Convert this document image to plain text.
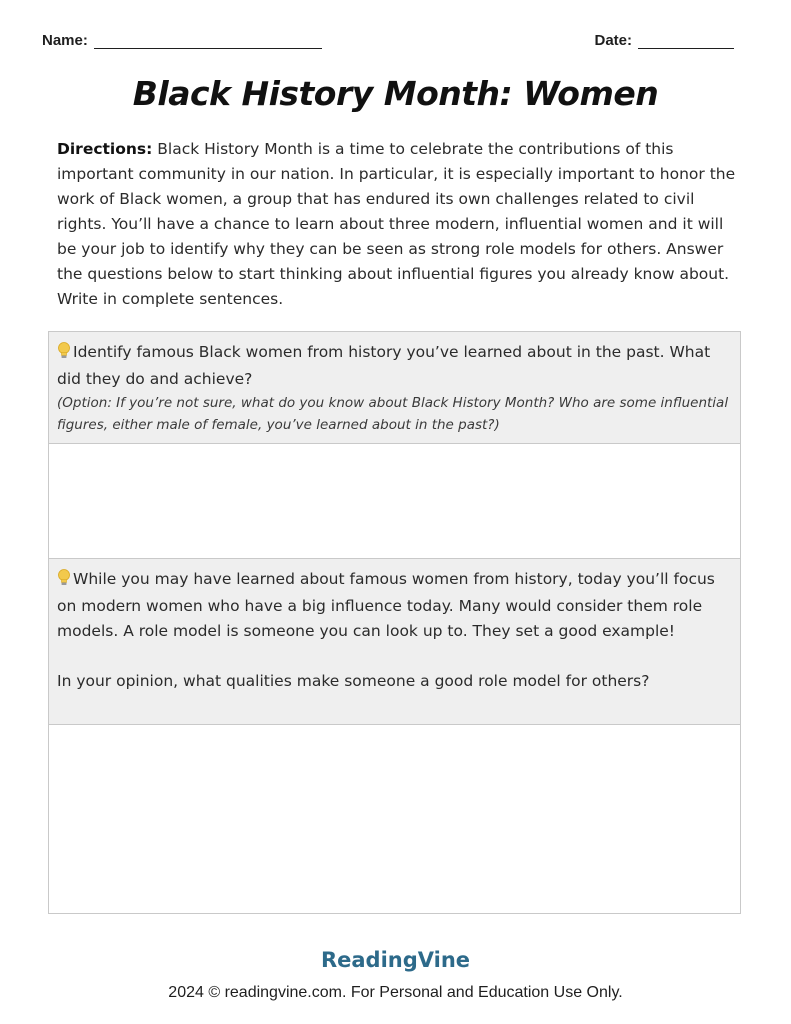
Name:	Date:
Black History Month: Women
Directions: Black History Month is a time to celebrate the contributions of this important community in our nation. In particular, it is especially important to honor the work of Black women, a group that has endured its own challenges related to civil rights. You’ll have a chance to learn about three modern, influential women and it will be your job to identify why they can be seen as strong role models for others. Answer the questions below to start thinking about influential figures you already know about. Write in complete sentences.
Identify famous Black women from history you’ve learned about in the past. What did they do and achieve?
(Option: If you’re not sure, what do you know about Black History Month? Who are some influential figures, either male of female, you’ve learned about in the past?)
While you may have learned about famous women from history, today you’ll focus on modern women who have a big influence today. Many would consider them role models. A role model is someone you can look up to. They set a good example!
In your opinion, what qualities make someone a good role model for others?
ReadingVine
2024 © readingvine.com. For Personal and Education Use Only.
